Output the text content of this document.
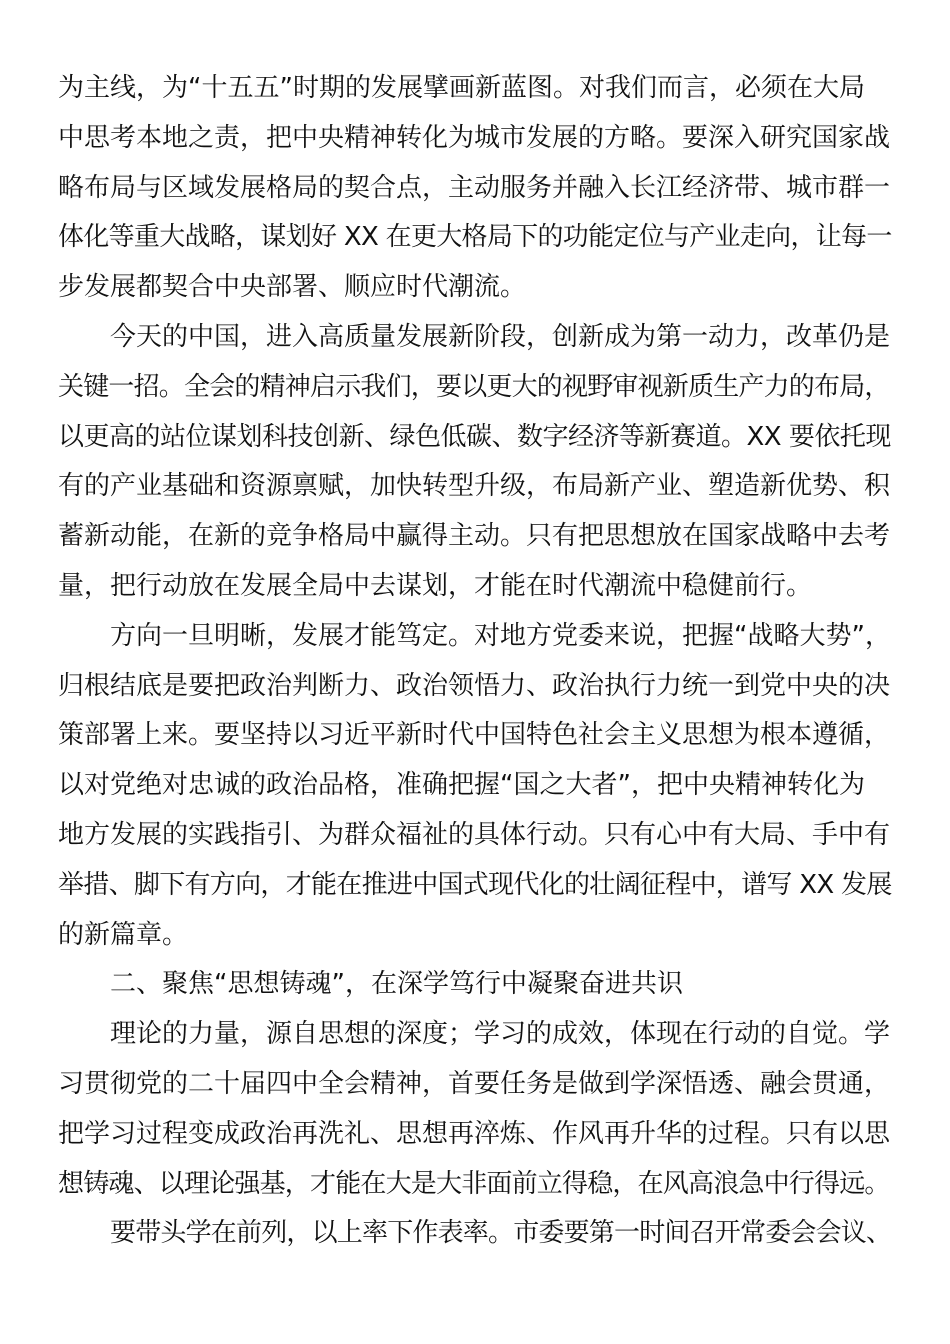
为主线，为“十五五”时期的发展擘画新蓝图。对我们而言，必须在大局
中思考本地之责，把中央精神转化为城市发展的方略。要深入研究国家战
略布局与区域发展格局的契合点，主动服务并融入长江经济带、城市群一
体化等重大战略，谋划好 XX 在更大格局下的功能定位与产业走向，让每一
步发展都契合中央部署、顺应时代潮流。
今天的中国，进入高质量发展新阶段，创新成为第一动力，改革仍是
关键一招。全会的精神启示我们，要以更大的视野审视新质生产力的布局，
以更高的站位谋划科技创新、绿色低碳、数字经济等新赛道。XX 要依托现
有的产业基础和资源禀赋，加快转型升级，布局新产业、塑造新优势、积
蓄新动能，在新的竞争格局中赢得主动。只有把思想放在国家战略中去考
量，把行动放在发展全局中去谋划，才能在时代潮流中稳健前行。
方向一旦明晰，发展才能笃定。对地方党委来说，把握“战略大势”，
归根结底是要把政治判断力、政治领悟力、政治执行力统一到党中央的决
策部署上来。要坚持以习近平新时代中国特色社会主义思想为根本遵循，
以对党绝对忠诚的政治品格，准确把握“国之大者”，把中央精神转化为
地方发展的实践指引、为群众福祉的具体行动。只有心中有大局、手中有
举措、脚下有方向，才能在推进中国式现代化的壮阔征程中，谱写 XX 发展
的新篇章。
二、聚焦“思想铸魂”，在深学笃行中凝聚奋进共识
理论的力量，源自思想的深度；学习的成效，体现在行动的自觉。学
习贯彻党的二十届四中全会精神，首要任务是做到学深悟透、融会贯通，
把学习过程变成政治再洗礼、思想再淬炼、作风再升华的过程。只有以思
想铸魂、以理论强基，才能在大是大非面前立得稳，在风高浪急中行得远。
要带头学在前列，以上率下作表率。市委要第一时间召开常委会会议、
